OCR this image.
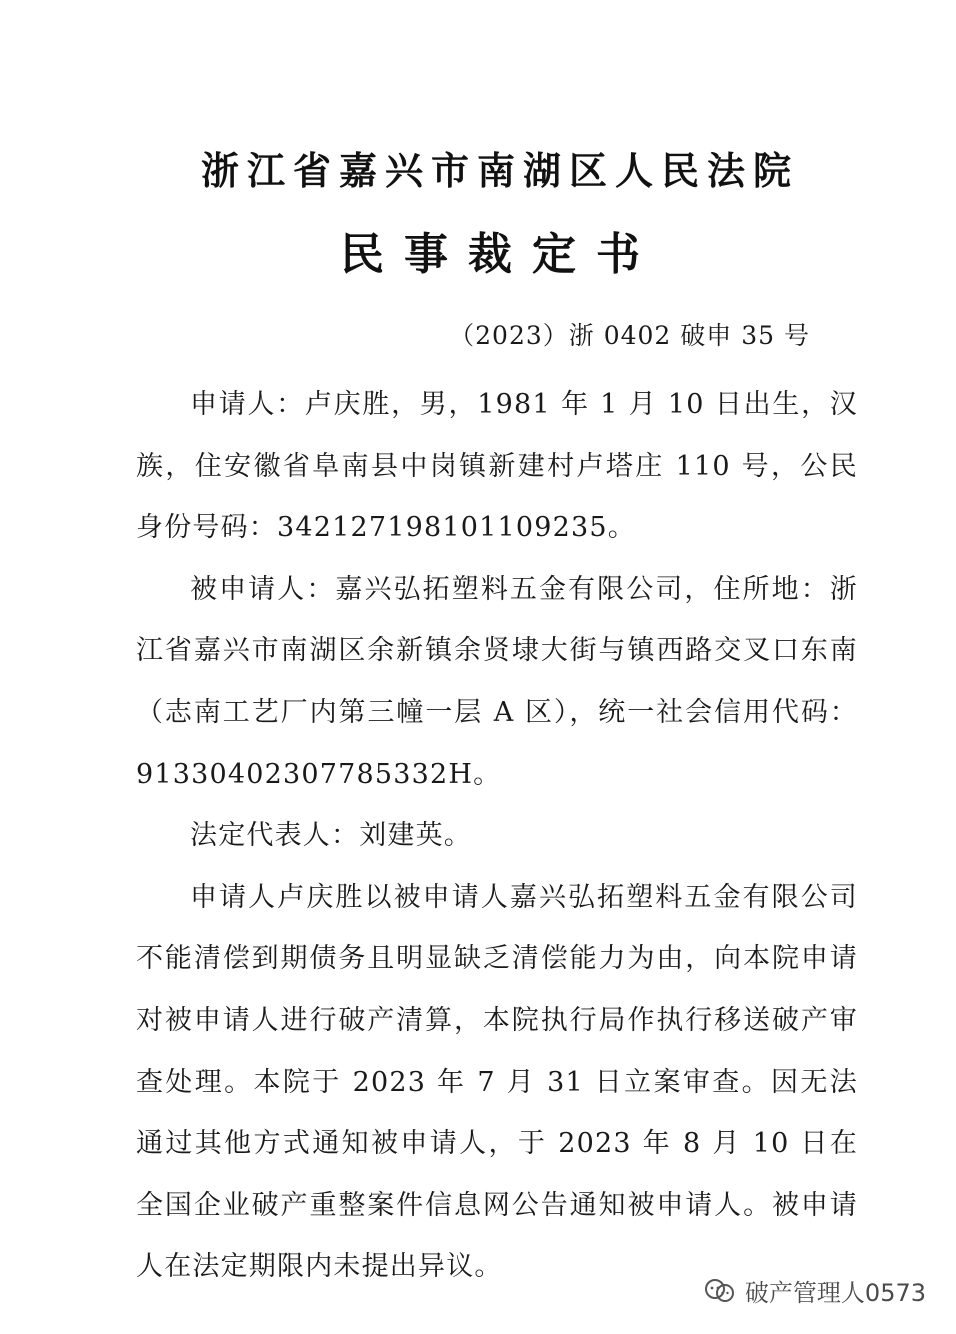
浙江省嘉兴市南湖区人民法院
民事裁定书
（2023）浙 0402 破申 35 号

申请人：卢庆胜，男，1981 年 1 月 10 日出生，汉族，住安徽省阜南县中岗镇新建村卢塔庄 110 号，公民身份号码：342127198101109235。

被申请人：嘉兴弘拓塑料五金有限公司，住所地：浙江省嘉兴市南湖区余新镇余贤埭大街与镇西路交叉口东南（志南工艺厂内第三幢一层 A 区），统一社会信用代码：91330402307785332H。

法定代表人：刘建英。

申请人卢庆胜以被申请人嘉兴弘拓塑料五金有限公司不能清偿到期债务且明显缺乏清偿能力为由，向本院申请对被申请人进行破产清算，本院执行局作执行移送破产审查处理。本院于 2023 年 7 月 31 日立案审查。因无法通过其他方式通知被申请人，于 2023 年 8 月 10 日在全国企业破产重整案件信息网公告通知被申请人。被申请人在法定期限内未提出异议。

破产管理人0573
